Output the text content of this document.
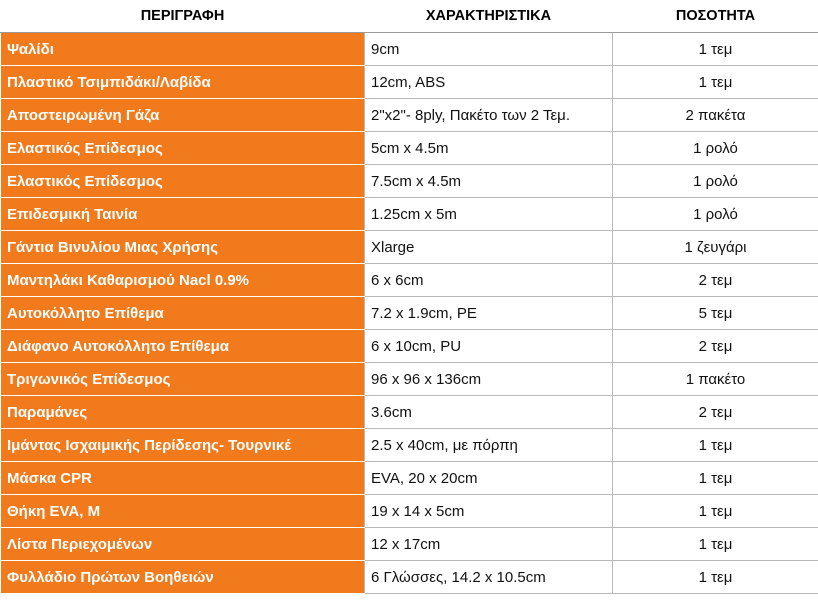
ΠΕΡΙΓΡΑΦΗ	ΧΑΡΑΚΤΗΡΙΣΤΙΚΑ	ΠΟΣΟΤΗΤΑ
Ψαλίδι	9cm	1 τεμ
Πλαστικό Τσιμπιδάκι/Λαβίδα	12cm, ABS	1 τεμ
Αποστειρωμένη Γάζα	2"x2"- 8ply, Πακέτο των 2 Τεμ.	2 πακέτα
Ελαστικός Επίδεσμος	5cm x 4.5m	1 ρολό
Ελαστικός Επίδεσμος	7.5cm x 4.5m	1 ρολό
Επιδεσμική Ταινία	1.25cm x 5m	1 ρολό
Γάντια Βινυλίου Μιας Χρήσης	Xlarge	1 ζευγάρι
Μαντηλάκι Καθαρισμού Nacl 0.9%	6 x 6cm	2 τεμ
Αυτοκόλλητο Επίθεμα	7.2 x 1.9cm, PE	5 τεμ
Διάφανο Αυτοκόλλητο Επίθεμα	6 x 10cm, PU	2 τεμ
Τριγωνικός Επίδεσμος	96 x 96 x 136cm	1 πακέτο
Παραμάνες	3.6cm	2 τεμ
Ιμάντας Ισχαιμικής Περίδεσης- Τουρνικέ	2.5 x 40cm, με πόρπη	1 τεμ
Μάσκα CPR	EVA, 20 x 20cm	1 τεμ
Θήκη EVA, M	19 x 14 x 5cm	1 τεμ
Λίστα Περιεχομένων	12 x 17cm	1 τεμ
Φυλλάδιο Πρώτων Βοηθειών	6 Γλώσσες, 14.2 x 10.5cm	1 τεμ
